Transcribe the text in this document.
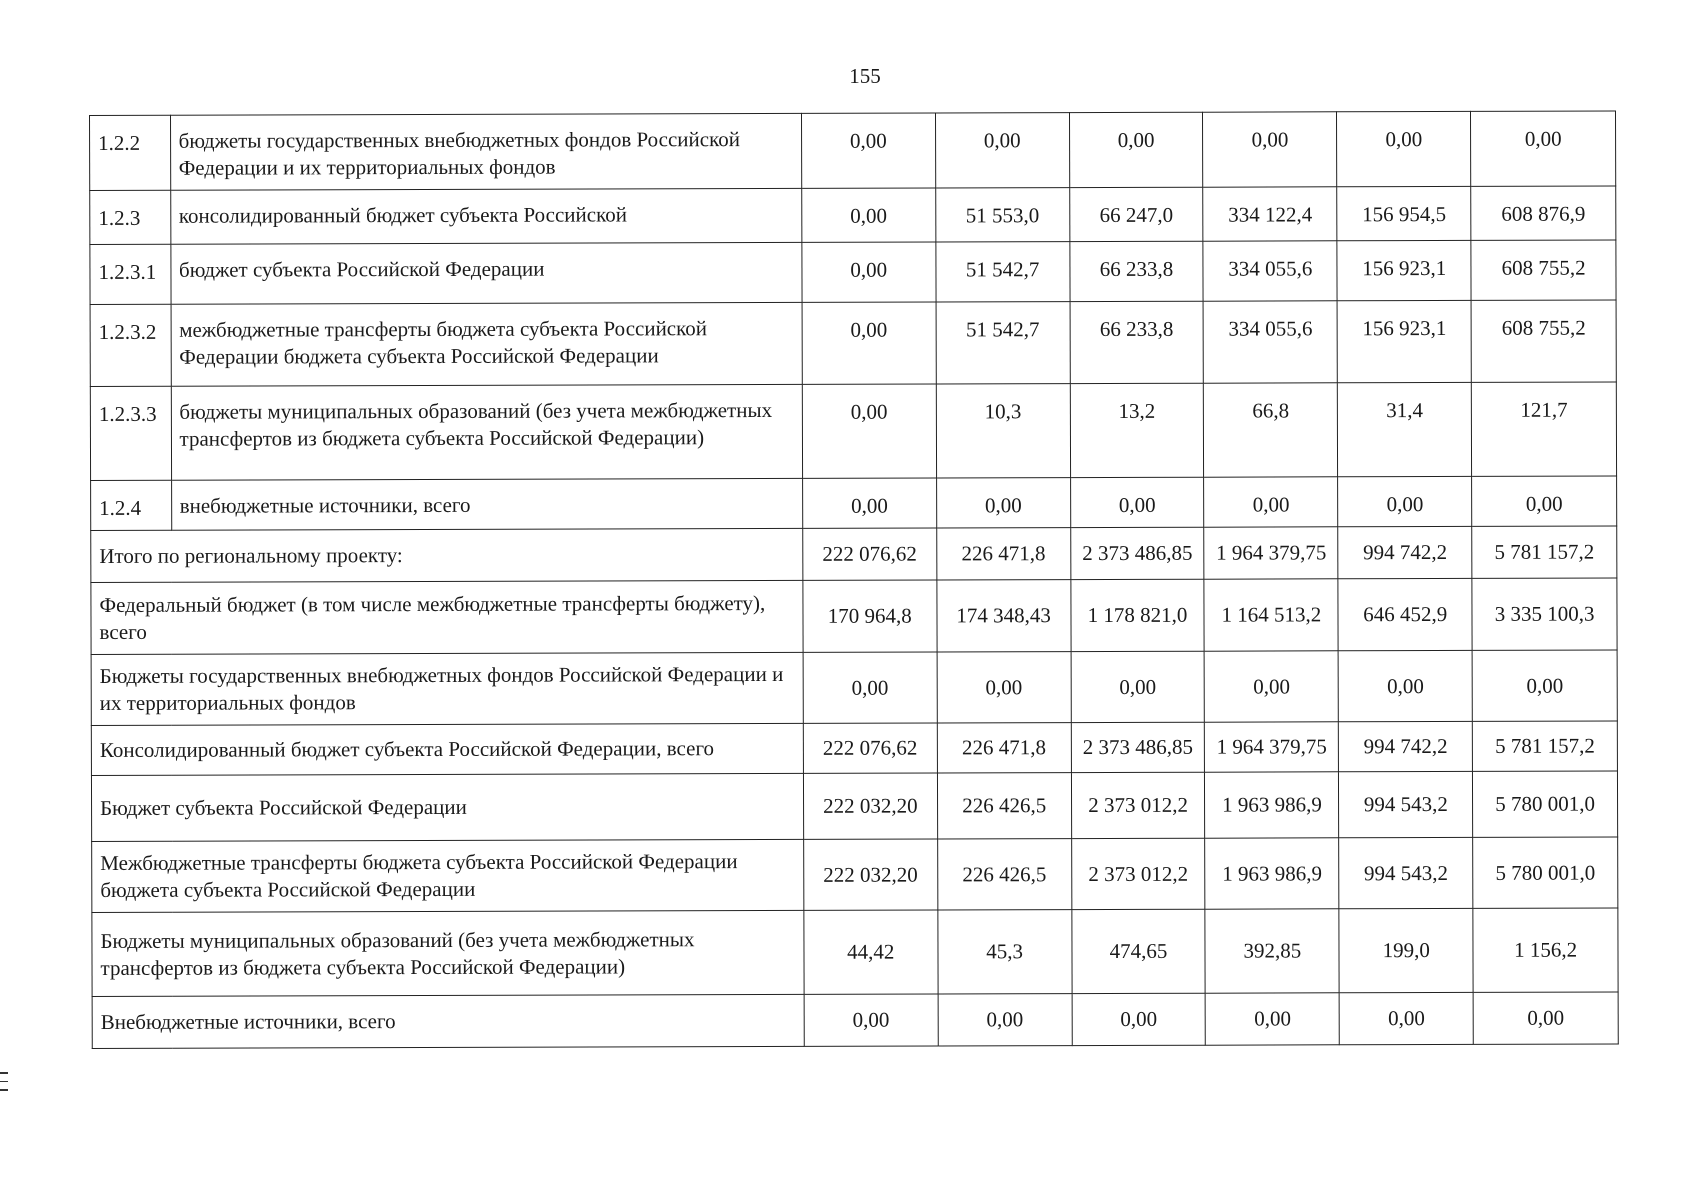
155
1.2.2	бюджеты государственных внебюджетных фондов Российской Федерации и их территориальных фондов	0,00	0,00	0,00	0,00	0,00	0,00
1.2.3	консолидированный бюджет субъекта Российской	0,00	51 553,0	66 247,0	334 122,4	156 954,5	608 876,9
1.2.3.1	бюджет субъекта Российской Федерации	0,00	51 542,7	66 233,8	334 055,6	156 923,1	608 755,2
1.2.3.2	межбюджетные трансферты бюджета субъекта Российской Федерации бюджета субъекта Российской Федерации	0,00	51 542,7	66 233,8	334 055,6	156 923,1	608 755,2
1.2.3.3	бюджеты муниципальных образований (без учета межбюджетных трансфертов из бюджета субъекта Российской Федерации)	0,00	10,3	13,2	66,8	31,4	121,7
1.2.4	внебюджетные источники, всего	0,00	0,00	0,00	0,00	0,00	0,00
Итого по региональному проекту:		222 076,62	226 471,8	2 373 486,85	1 964 379,75	994 742,2	5 781 157,2
Федеральный бюджет (в том числе межбюджетные трансферты бюджету), всего		170 964,8	174 348,43	1 178 821,0	1 164 513,2	646 452,9	3 335 100,3
Бюджеты государственных внебюджетных фондов Российской Федерации и их территориальных фондов		0,00	0,00	0,00	0,00	0,00	0,00
Консолидированный бюджет субъекта Российской Федерации, всего		222 076,62	226 471,8	2 373 486,85	1 964 379,75	994 742,2	5 781 157,2
Бюджет субъекта Российской Федерации		222 032,20	226 426,5	2 373 012,2	1 963 986,9	994 543,2	5 780 001,0
Межбюджетные трансферты бюджета субъекта Российской Федерации бюджета субъекта Российской Федерации		222 032,20	226 426,5	2 373 012,2	1 963 986,9	994 543,2	5 780 001,0
Бюджеты муниципальных образований (без учета межбюджетных трансфертов из бюджета субъекта Российской Федерации)		44,42	45,3	474,65	392,85	199,0	1 156,2
Внебюджетные источники, всего		0,00	0,00	0,00	0,00	0,00	0,00
